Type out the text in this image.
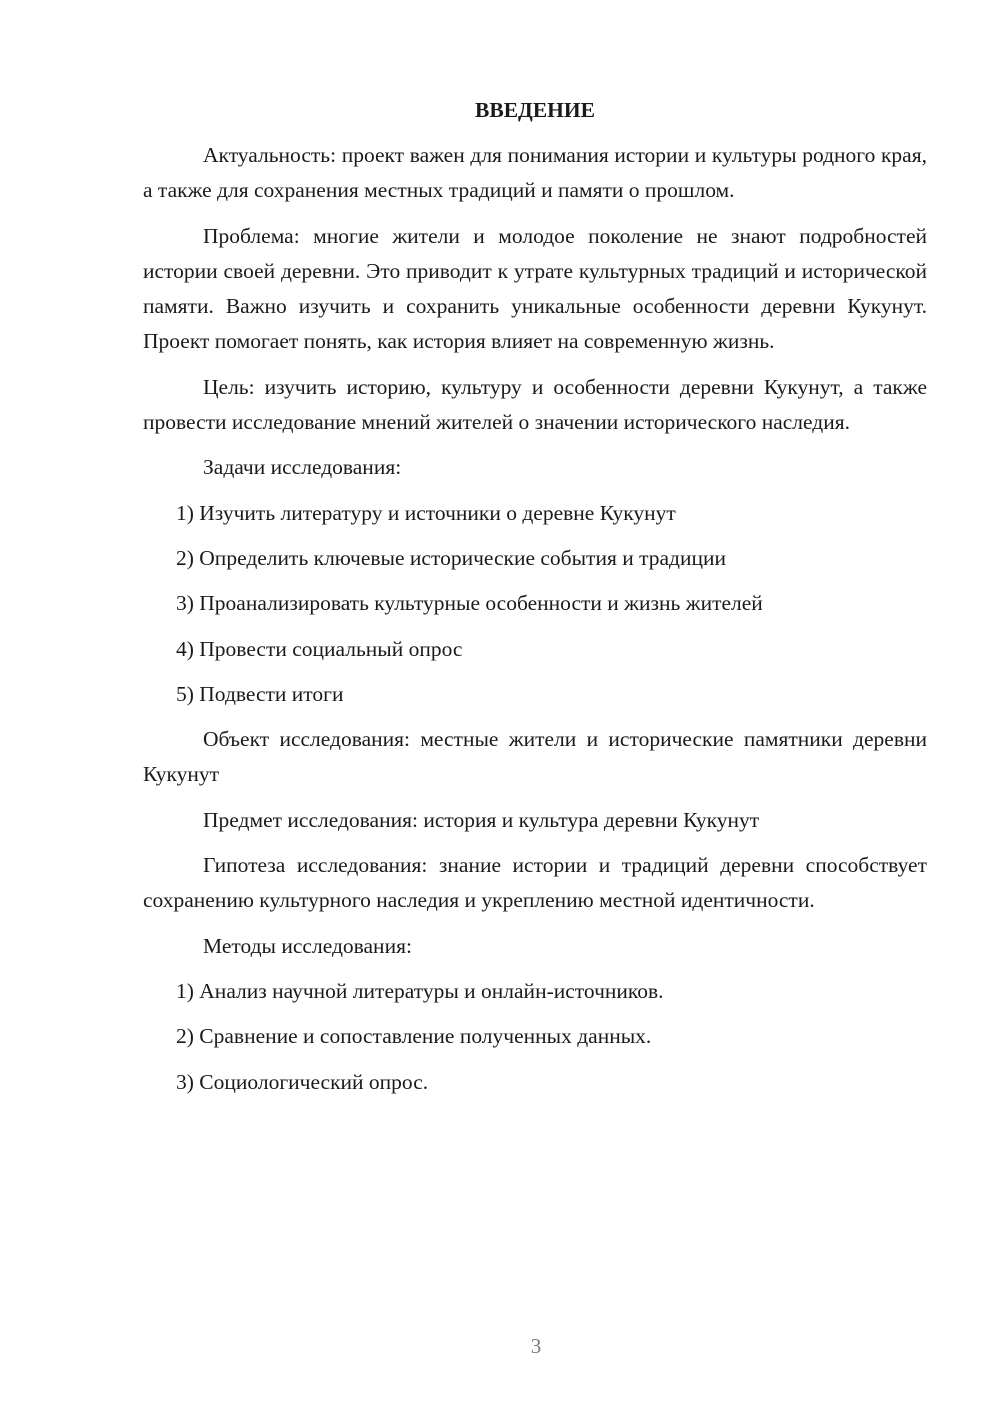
ВВЕДЕНИЕ

Актуальность: проект важен для понимания истории и культуры родного края, а также для сохранения местных традиций и памяти о прошлом.

Проблема: многие жители и молодое поколение не знают подробностей истории своей деревни. Это приводит к утрате культурных традиций и исторической памяти. Важно изучить и сохранить уникальные особенности деревни Кукунут. Проект помогает понять, как история влияет на современную жизнь.

Цель: изучить историю, культуру и особенности деревни Кукунут, а также провести исследование мнений жителей о значении исторического наследия.

Задачи исследования:

1) Изучить литературу и источники о деревне Кукунут
2) Определить ключевые исторические события и традиции
3) Проанализировать культурные особенности и жизнь жителей
4) Провести социальный опрос
5) Подвести итоги

Объект исследования: местные жители и исторические памятники деревни Кукунут

Предмет исследования: история и культура деревни Кукунут

Гипотеза исследования: знание истории и традиций деревни способствует сохранению культурного наследия и укреплению местной идентичности.

Методы исследования:

1) Анализ научной литературы и онлайн-источников.
2) Сравнение и сопоставление полученных данных.
3) Социологический опрос.
3
